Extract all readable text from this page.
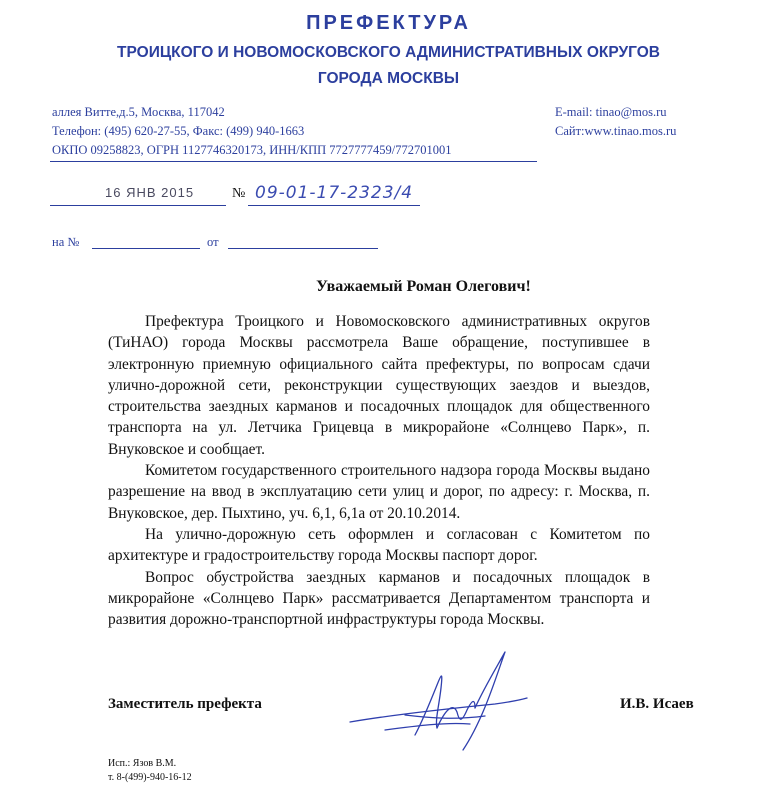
ПРЕФЕКТУРА
ТРОИЦКОГО И НОВОМОСКОВСКОГО АДМИНИСТРАТИВНЫХ ОКРУГОВ
ГОРОДА МОСКВЫ
аллея Витте,д.5, Москва, 117042
Телефон: (495) 620-27-55, Факс: (499) 940-1663
ОКПО 09258823, ОГРН 1127746320173, ИНН/КПП 7727777459/772701001
E-mail: tinao@mos.ru
Сайт:www.tinao.mos.ru
16 ЯНВ 2015	№ 09-01-17-2323/4
на №	от
Уважаемый Роман Олегович!

Префектура Троицкого и Новомосковского административных округов (ТиНАО) города Москвы рассмотрела Ваше обращение, поступившее в электронную приемную официального сайта префектуры, по вопросам сдачи улично-дорожной сети, реконструкции существующих заездов и выездов, строительства заездных карманов и посадочных площадок для общественного транспорта на ул. Летчика Грицевца в микрорайоне «Солнцево Парк», п. Внуковское и сообщает.

Комитетом государственного строительного надзора города Москвы выдано разрешение на ввод в эксплуатацию сети улиц и дорог, по адресу: г. Москва, п. Внуковское, дер. Пыхтино, уч. 6,1, 6,1а от 20.10.2014.

На улично-дорожную сеть оформлен и согласован с Комитетом по архитектуре и градостроительству города Москвы паспорт дорог.

Вопрос обустройства заездных карманов и посадочных площадок в микрорайоне «Солнцево Парк» рассматривается Департаментом транспорта и развития дорожно-транспортной инфраструктуры города Москвы.

Заместитель префекта	И.В. Исаев
Исп.: Язов В.М.
т. 8-(499)-940-16-12
